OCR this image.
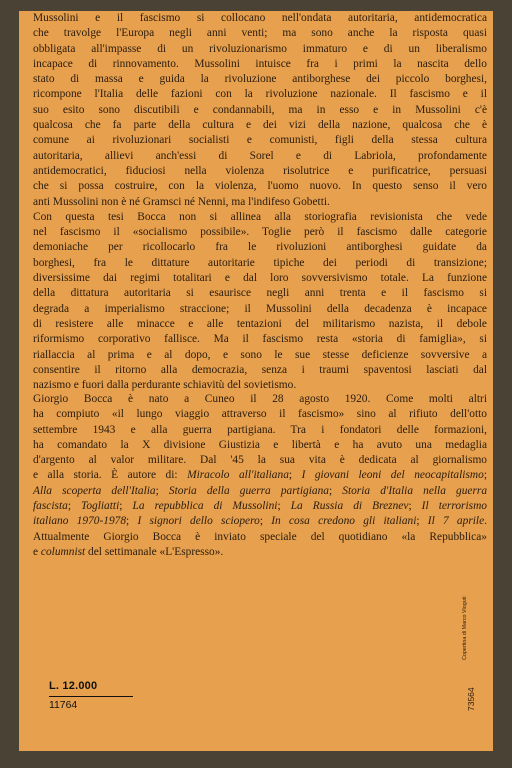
Mussolini e il fascismo si collocano nell'ondata autoritaria, antidemocratica

che travolge l'Europa negli anni venti; ma sono anche la risposta quasi

obbligata all'impasse di un rivoluzionarismo immaturo e di un liberalismo

incapace di rinnovamento. Mussolini intuisce fra i primi la nascita dello

stato di massa e guida la rivoluzione antiborghese dei piccolo borghesi,

ricompone l'Italia delle fazioni con la rivoluzione nazionale. Il fascismo e il

suo esito sono discutibili e condannabili, ma in esso e in Mussolini c'è

qualcosa che fa parte della cultura e dei vizi della nazione, qualcosa che è

comune ai rivoluzionari socialisti e comunisti, figli della stessa cultura

autoritaria, allievi anch'essi di Sorel e di Labriola, profondamente

antidemocratici, fiduciosi nella violenza risolutrice e purificatrice, persuasi

che si possa costruire, con la violenza, l'uomo nuovo. In questo senso il vero

anti Mussolini non è né Gramsci né Nenni, ma l'indifeso Gobetti.

Con questa tesi Bocca non si allinea alla storiografia revisionista che vede

nel fascismo il «socialismo possibile». Toglie però il fascismo dalle categorie

demoniache per ricollocarlo fra le rivoluzioni antiborghesi guidate da

borghesi, fra le dittature autoritarie tipiche dei periodi di transizione;

diversissime dai regimi totalitari e dal loro sovversivismo totale. La funzione

della dittatura autoritaria si esaurisce negli anni trenta e il fascismo si

degrada a imperialismo straccione; il Mussolini della decadenza è incapace

di resistere alle minacce e alle tentazioni del militarismo nazista, il debole

riformismo corporativo fallisce. Ma il fascismo resta «storia di famiglia», si

riallaccia al prima e al dopo, e sono le sue stesse deficienze sovversive a

consentire il ritorno alla democrazia, senza i traumi spaventosi lasciati dal

nazismo e fuori dalla perdurante schiavitù del sovietismo.

Giorgio Bocca è nato a Cuneo il 28 agosto 1920. Come molti altri

ha compiuto «il lungo viaggio attraverso il fascismo» sino al rifiuto dell'otto

settembre 1943 e alla guerra partigiana. Tra i fondatori delle formazioni,

ha comandato la X divisione Giustizia e libertà e ha avuto una medaglia

d'argento al valor militare. Dal '45 la sua vita è dedicata al giornalismo

e alla storia. È autore di: Miracolo all'italiana; I giovani leoni del neocapitalismo;

Alla scoperta dell'Italia; Storia della guerra partigiana; Storia d'Italia nella guerra

fascista; Togliatti; La repubblica di Mussolini; La Russia di Breznev; Il terrorismo

italiano 1970-1978; I signori dello sciopero; In cosa credono gli italiani; Il 7 aprile.

Attualmente Giorgio Bocca è inviato speciale del quotidiano «la Repubblica»

e columnist del settimanale «L'Espresso».

Copertina di Marco Vioguti
73564
L. 12.000
11764
